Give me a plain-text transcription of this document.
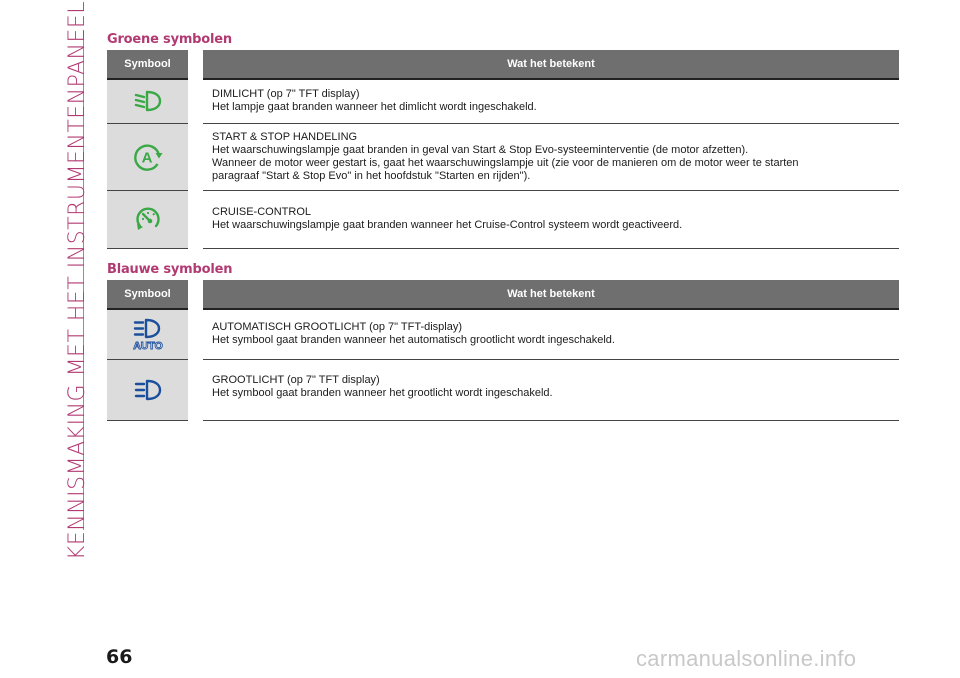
KENNISMAKING MET HET INSTRUMENTENPANEEL Groene symbolen
Symbool	Wat het betekent

DIMLICHT (op 7" TFT display)
Het lampje gaat branden wanneer het dimlicht wordt ingeschakeld.

A	START & STOP HANDELING
Het waarschuwingslampje gaat branden in geval van Start & Stop Evo-systeeminterventie (de motor afzetten).
Wanneer de motor weer gestart is, gaat het waarschuwingslampje uit (zie voor de manieren om de motor weer te starten
paragraaf "Start & Stop Evo" in het hoofdstuk "Starten en rijden").

CRUISE-CONTROL
Het waarschuwingslampje gaat branden wanneer het Cruise-Control systeem wordt geactiveerd.
Blauwe symbolen
Symbool	Wat het betekent

AUTO	AUTOMATISCH GROOTLICHT (op 7" TFT-display)
Het symbool gaat branden wanneer het automatisch grootlicht wordt ingeschakeld.

GROOTLICHT (op 7" TFT display)
Het symbool gaat branden wanneer het grootlicht wordt ingeschakeld.
66	carmanualsonline.info
